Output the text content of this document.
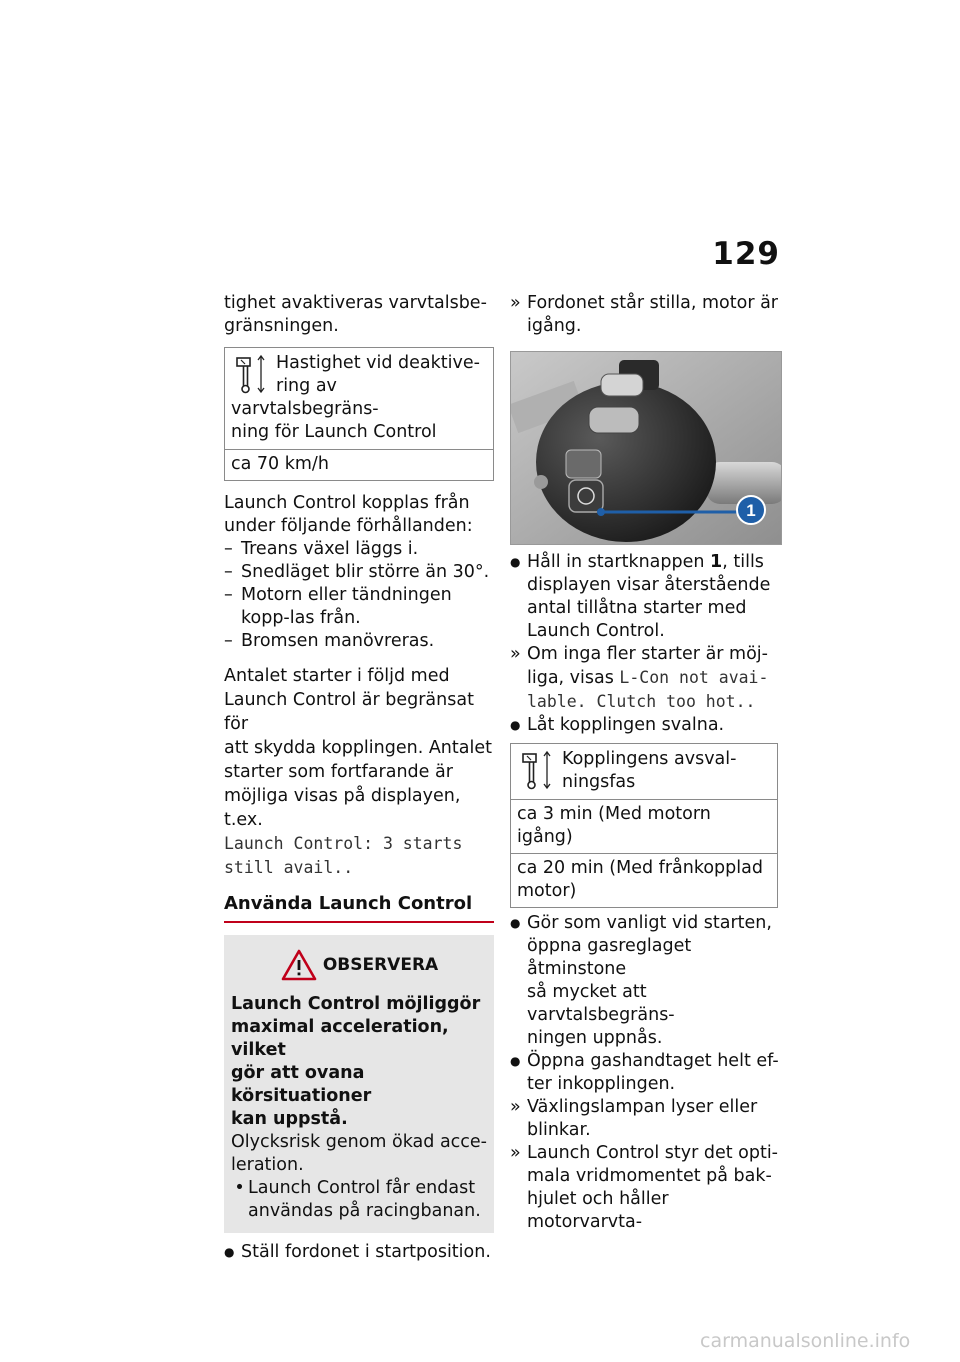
129

tighet avaktiveras varvtalsbe-
gränsningen.

Hastighet vid deaktive-
ring av varvtalsbegräns-
ning för Launch Control
ca 70 km/h

Launch Control kopplas från
under följande förhållanden:

– Treans växel läggs i.
– Snedläget blir större än 30°.
– Motorn eller tändningen kopp-las från.
– Bromsen manövreras.

Antalet starter i följd med
Launch Control är begränsat för
att skydda kopplingen. Antalet
starter som fortfarande är
möjliga visas på displayen, t.ex.
Launch Control: 3 starts
still avail..

Använda Launch Control
OBSERVERA
Launch Control möjliggör
maximal acceleration, vilket
gör att ovana körsituationer
kan uppstå.
Olycksrisk genom ökad acce-
leration.
• Launch Control får endast
användas på racingbanan.
● Ställ fordonet i startposition.
» Fordonet står stilla, motor är
igång.
1
● Håll in startknappen 1, tills
displayen visar återstående
antal tillåtna starter med
Launch Control.
» Om inga fler starter är möj-
liga, visas L-Con not avai-
lable. Clutch too hot..
● Låt kopplingen svalna.
Kopplingens avsval-
ningsfas
ca 3 min (Med motorn igång)
ca 20 min (Med frånkopplad
motor)
● Gör som vanligt vid starten,
öppna gasreglaget åtminstone
så mycket att varvtalsbegräns-
ningen uppnås.
● Öppna gashandtaget helt ef-
ter inkopplingen.
» Växlingslampan lyser eller
blinkar.
» Launch Control styr det opti-
mala vridmomentet på bak-
hjulet och håller motorvarvta-
carmanualsonline.info
